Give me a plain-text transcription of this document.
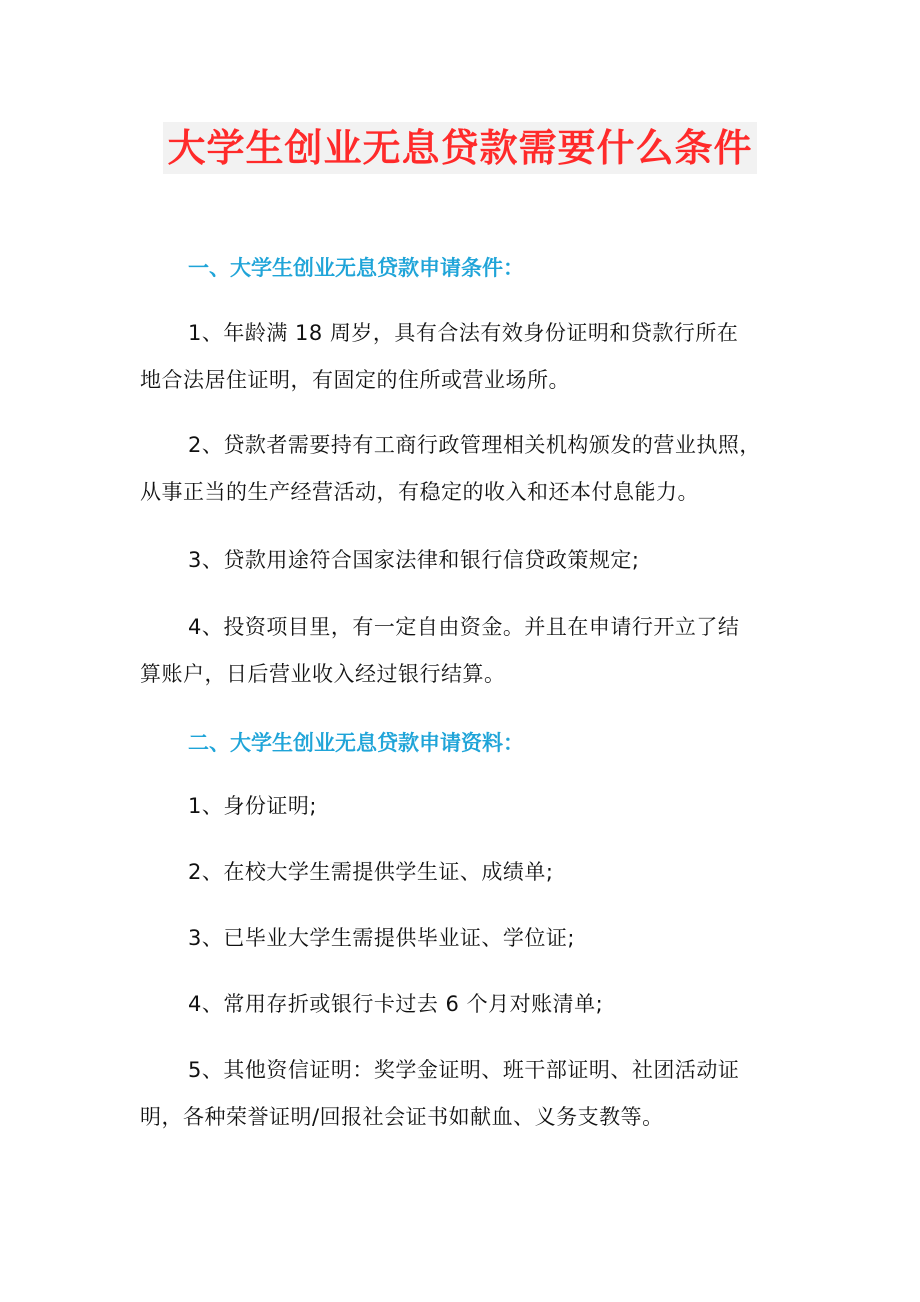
大学生创业无息贷款需要什么条件
一、大学生创业无息贷款申请条件：
1、年龄满 18 周岁，具有合法有效身份证明和贷款行所在
地合法居住证明，有固定的住所或营业场所。
2、贷款者需要持有工商行政管理相关机构颁发的营业执照，
从事正当的生产经营活动，有稳定的收入和还本付息能力。
3、贷款用途符合国家法律和银行信贷政策规定;
4、投资项目里，有一定自由资金。并且在申请行开立了结
算账户，日后营业收入经过银行结算。
二、大学生创业无息贷款申请资料：
1、身份证明;
2、在校大学生需提供学生证、成绩单;
3、已毕业大学生需提供毕业证、学位证;
4、常用存折或银行卡过去 6 个月对账清单;
5、其他资信证明：奖学金证明、班干部证明、社团活动证
明，各种荣誉证明/回报社会证书如献血、义务支教等。
